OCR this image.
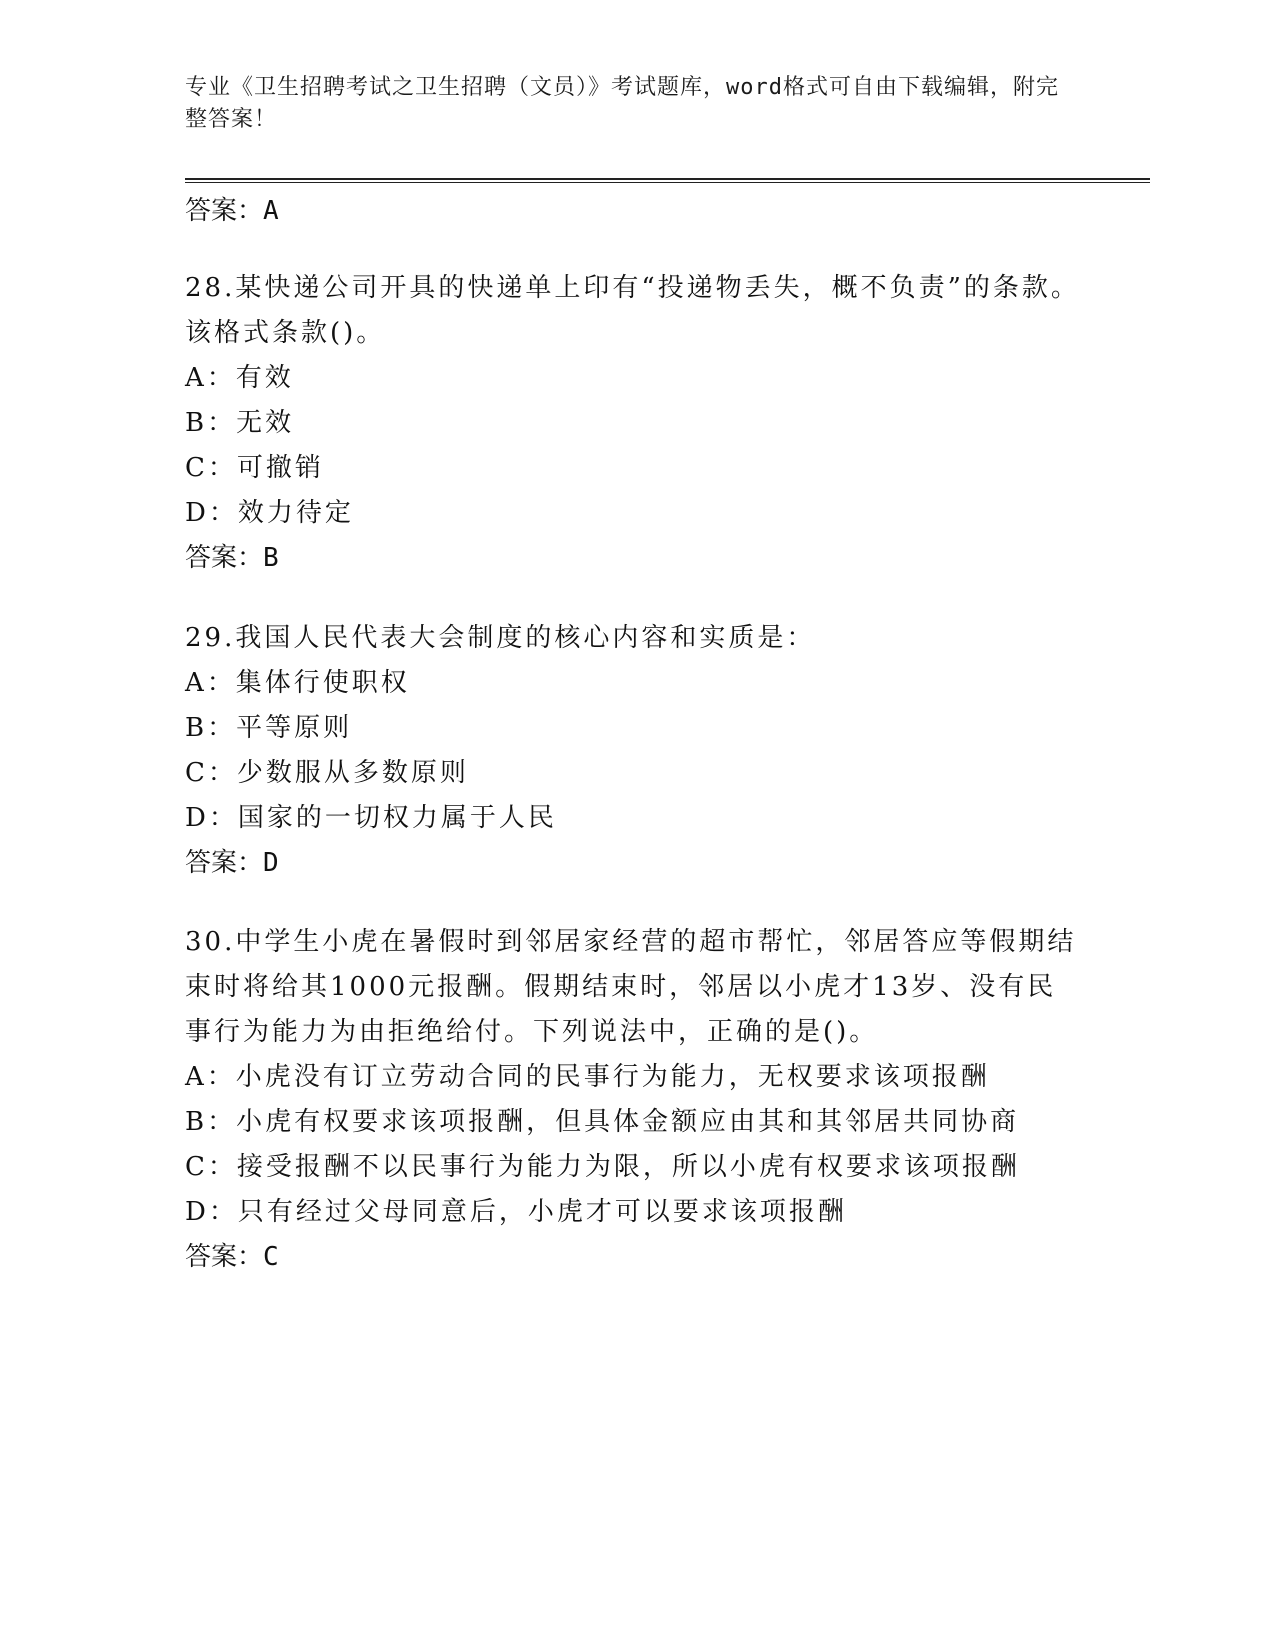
专业《卫生招聘考试之卫生招聘（文员）》考试题库，word格式可自由下载编辑，附完整答案！
答案：A

28.某快递公司开具的快递单上印有“投递物丢失，概不负责”的条款。该格式条款()。

A：有效

B：无效

C：可撤销

D：效力待定

答案：B

29.我国人民代表大会制度的核心内容和实质是：

A：集体行使职权

B：平等原则

C：少数服从多数原则

D：国家的一切权力属于人民

答案：D

30.中学生小虎在暑假时到邻居家经营的超市帮忙，邻居答应等假期结束时将给其1000元报酬。假期结束时，邻居以小虎才13岁、没有民事行为能力为由拒绝给付。下列说法中，正确的是()。

A：小虎没有订立劳动合同的民事行为能力，无权要求该项报酬

B：小虎有权要求该项报酬，但具体金额应由其和其邻居共同协商

C：接受报酬不以民事行为能力为限，所以小虎有权要求该项报酬

D：只有经过父母同意后，小虎才可以要求该项报酬

答案：C
